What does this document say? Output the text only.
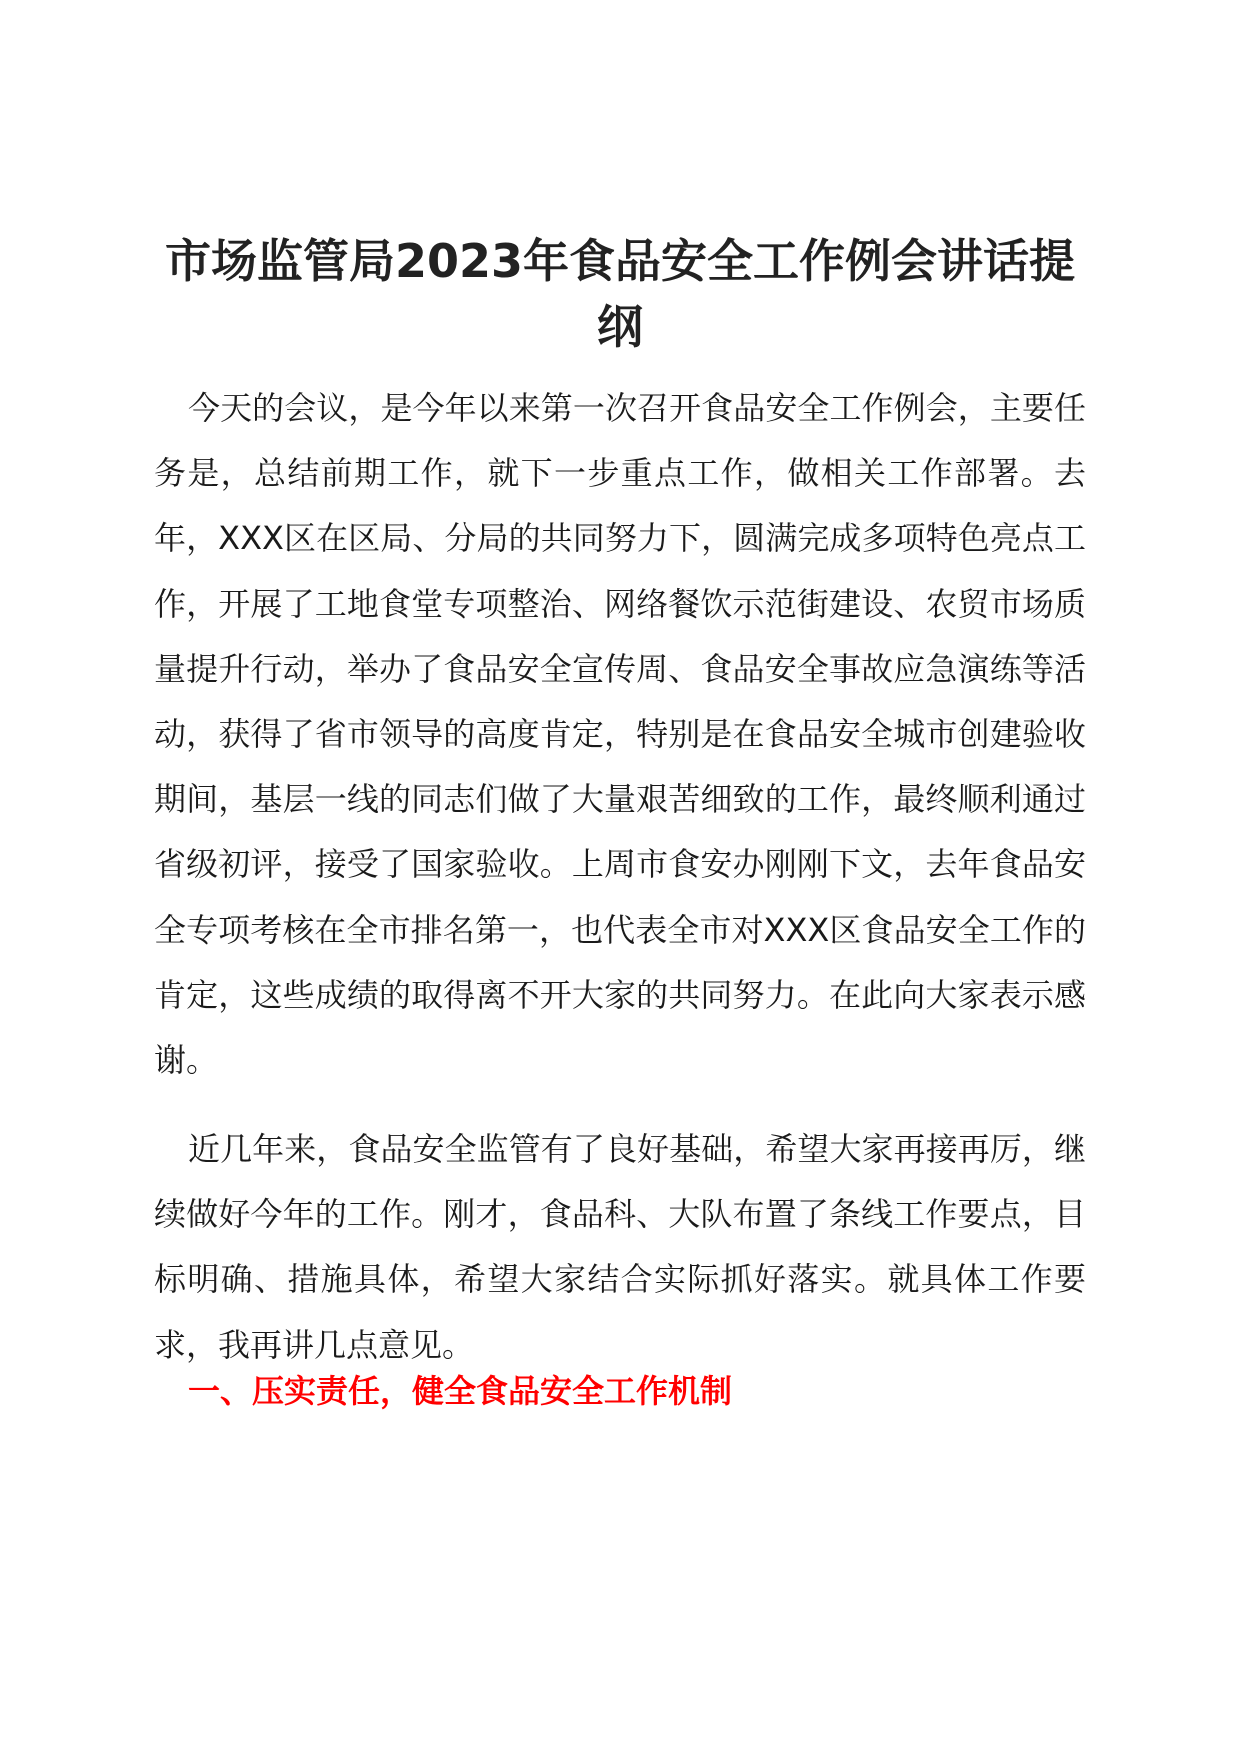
市场监管局2023年食品安全工作例会讲话提纲

今天的会议，是今年以来第一次召开食品安全工作例会，主要任务是，总结前期工作，就下一步重点工作，做相关工作部署。去年，XXX区在区局、分局的共同努力下，圆满完成多项特色亮点工作，开展了工地食堂专项整治、网络餐饮示范街建设、农贸市场质量提升行动，举办了食品安全宣传周、食品安全事故应急演练等活动，获得了省市领导的高度肯定，特别是在食品安全城市创建验收期间，基层一线的同志们做了大量艰苦细致的工作，最终顺利通过省级初评，接受了国家验收。上周市食安办刚刚下文，去年食品安全专项考核在全市排名第一，也代表全市对XXX区食品安全工作的肯定，这些成绩的取得离不开大家的共同努力。在此向大家表示感谢。

近几年来，食品安全监管有了良好基础，希望大家再接再厉，继续做好今年的工作。刚才，食品科、大队布置了条线工作要点，目标明确、措施具体，希望大家结合实际抓好落实。就具体工作要求，我再讲几点意见。

一、压实责任，健全食品安全工作机制
